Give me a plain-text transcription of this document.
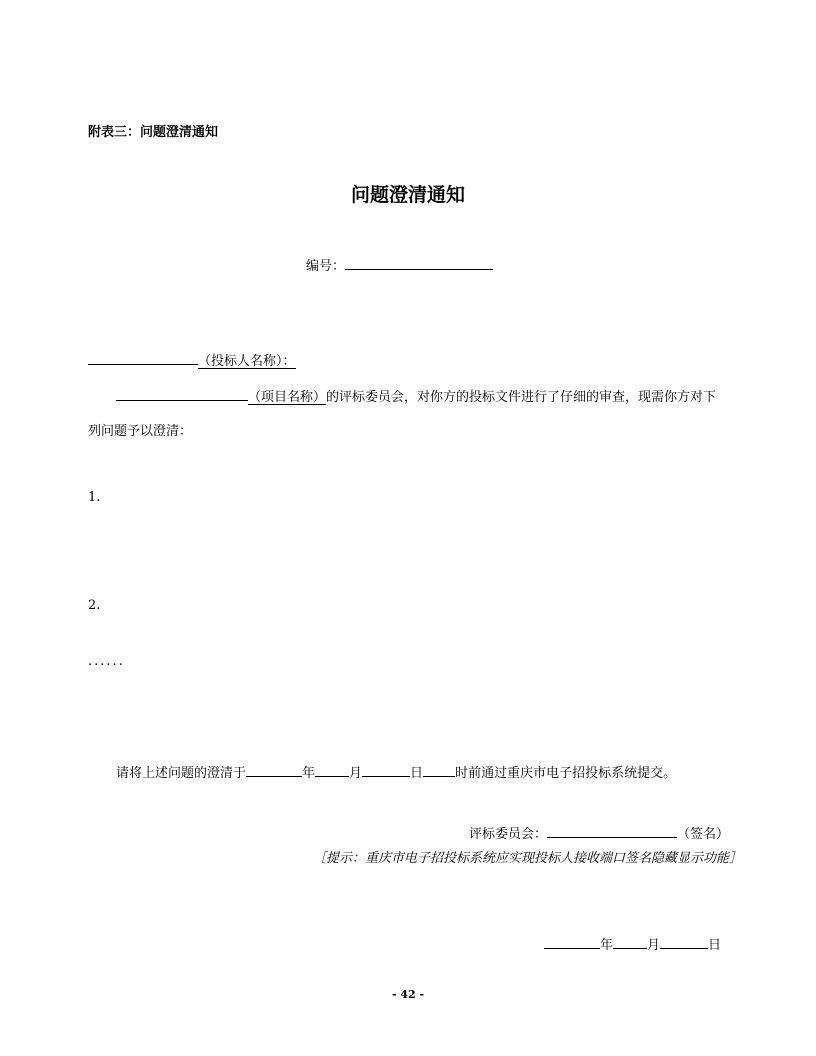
附表三：问题澄清通知
问题澄清通知
编号：
（投标人名称）：
（项目名称）的评标委员会，对你方的投标文件进行了仔细的审查，现需你方对下
列问题予以澄清：
1.
2.
......
请将上述问题的澄清于	年	月	日 时前通过重庆市电子招投标系统提交。
评标委员会：	（签名）
［提示：重庆市电子招投标系统应实现投标人接收端口签名隐藏显示功能］
年	月	日
- 42 -
